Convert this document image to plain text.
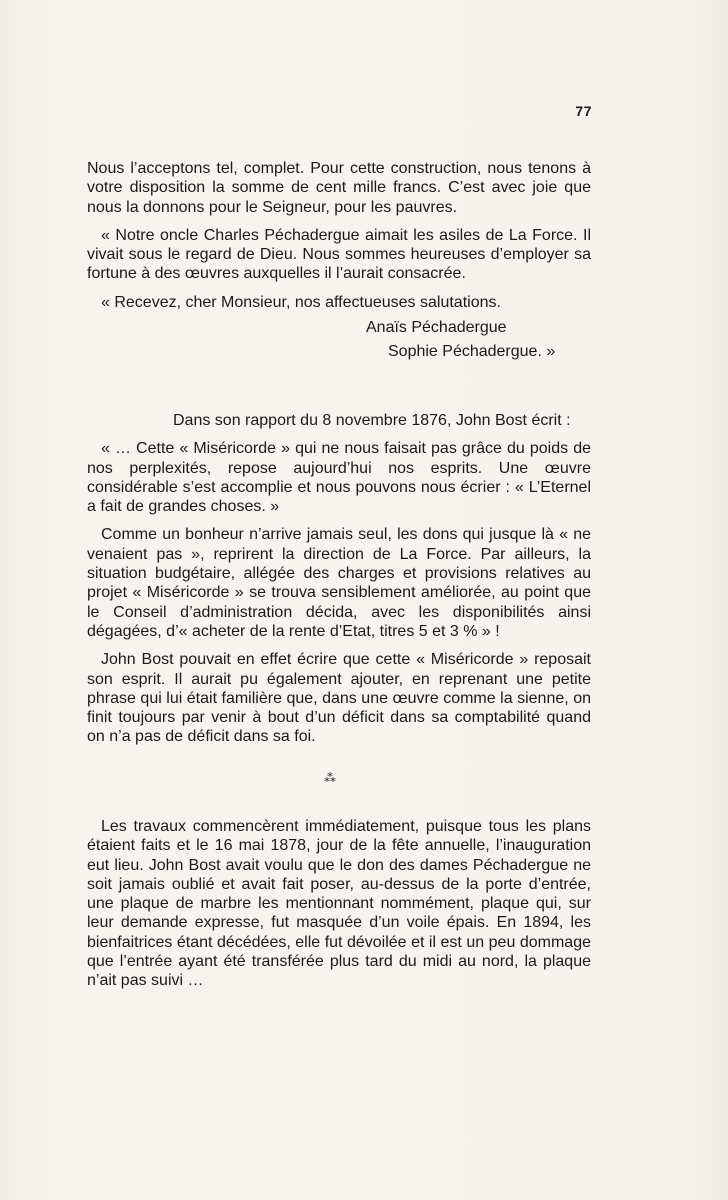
77

Nous l’acceptons tel, complet. Pour cette construction, nous tenons à votre disposition la somme de cent mille francs. C’est avec joie que nous la donnons pour le Seigneur, pour les pauvres.

« Notre oncle Charles Péchadergue aimait les asiles de La Force. Il vivait sous le regard de Dieu. Nous sommes heureuses d’employer sa fortune à des œuvres auxquelles il l’aurait consacrée.

« Recevez, cher Monsieur, nos affectueuses salutations.

Anaïs Péchadergue

Sophie Péchadergue. »

Dans son rapport du 8 novembre 1876, John Bost écrit :

« … Cette « Miséricorde » qui ne nous faisait pas grâce du poids de nos perplexités, repose aujourd’hui nos esprits. Une œuvre considérable s’est accomplie et nous pouvons nous écrier : « L’Eternel a fait de grandes choses. »

Comme un bonheur n’arrive jamais seul, les dons qui jusque là « ne venaient pas », reprirent la direction de La Force. Par ailleurs, la situation budgétaire, allégée des charges et provisions relatives au projet « Miséricorde » se trouva sensiblement améliorée, au point que le Conseil d’administration décida, avec les disponibilités ainsi dégagées, d’« acheter de la rente d’Etat, titres 5 et 3 % » !

John Bost pouvait en effet écrire que cette « Miséricorde » reposait son esprit. Il aurait pu également ajouter, en reprenant une petite phrase qui lui était familière que, dans une œuvre comme la sienne, on finit toujours par venir à bout d’un déficit dans sa comptabilité quand on n’a pas de déficit dans sa foi.

⁂

Les travaux commencèrent immédiatement, puisque tous les plans étaient faits et le 16 mai 1878, jour de la fête annuelle, l’inauguration eut lieu. John Bost avait voulu que le don des dames Péchadergue ne soit jamais oublié et avait fait poser, au-dessus de la porte d’entrée, une plaque de marbre les mentionnant nommément, plaque qui, sur leur demande expresse, fut masquée d’un voile épais. En 1894, les bienfaitrices étant décédées, elle fut dévoilée et il est un peu dommage que l’entrée ayant été transférée plus tard du midi au nord, la plaque n’ait pas suivi …
